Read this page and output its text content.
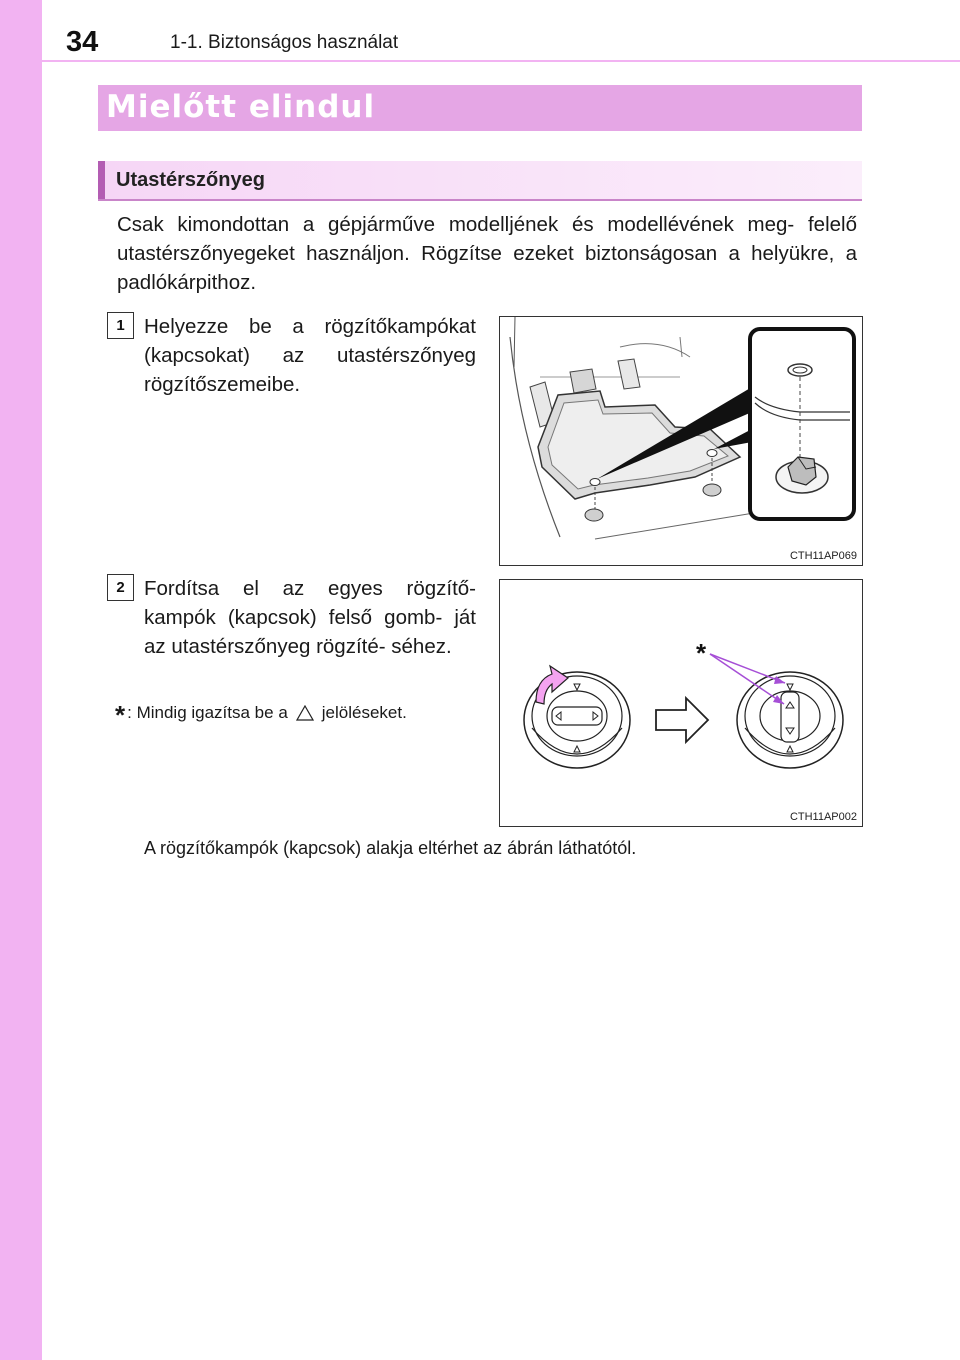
34	1-1. Biztonságos használat
Mielőtt elindul
Utastérszőnyeg
Csak kimondottan a gépjárműve modelljének és modellévének meg- felelő utastérszőnyegeket használjon. Rögzítse ezeket biztonságosan a helyükre, a padlókárpithoz.
1 Helyezze be a rögzítőkampókat (kapcsokat) az utastérszőnyeg rögzítőszemeibe.
CTH11AP069
2 Fordítsa el az egyes rögzítő- kampók (kapcsok) felső gomb- ját az utastérszőnyeg rögzíté- séhez.
* : Mindig igazítsa be a jelöléseket.
*
CTH11AP002
A rögzítőkampók (kapcsok) alakja eltérhet az ábrán láthatótól.
